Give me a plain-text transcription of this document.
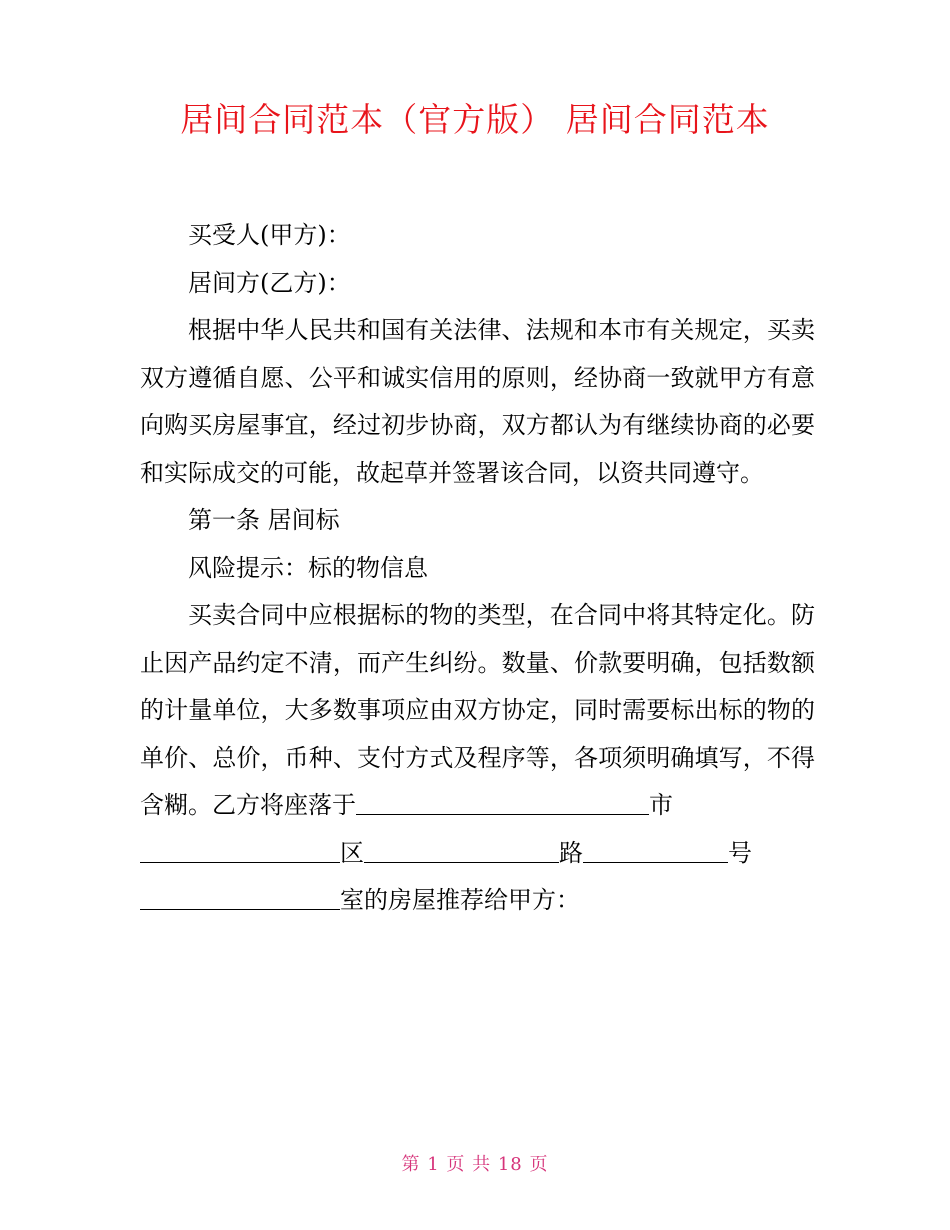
居间合同范本（官方版） 居间合同范本

买受人(甲方)：

居间方(乙方)：

根据中华人民共和国有关法律、法规和本市有关规定，买卖双方遵循自愿、公平和诚实信用的原则，经协商一致就甲方有意向购买房屋事宜，经过初步协商，双方都认为有继续协商的必要和实际成交的可能，故起草并签署该合同，以资共同遵守。

第一条 居间标

风险提示：标的物信息

买卖合同中应根据标的物的类型，在合同中将其特定化。防止因产品约定不清，而产生纠纷。数量、价款要明确，包括数额的计量单位，大多数事项应由双方协定，同时需要标出标的物的单价、总价，币种、支付方式及程序等，各项须明确填写，不得含糊。乙方将座落于	市

区	路	号
室的房屋推荐给甲方：
第 1 页 共 18 页
